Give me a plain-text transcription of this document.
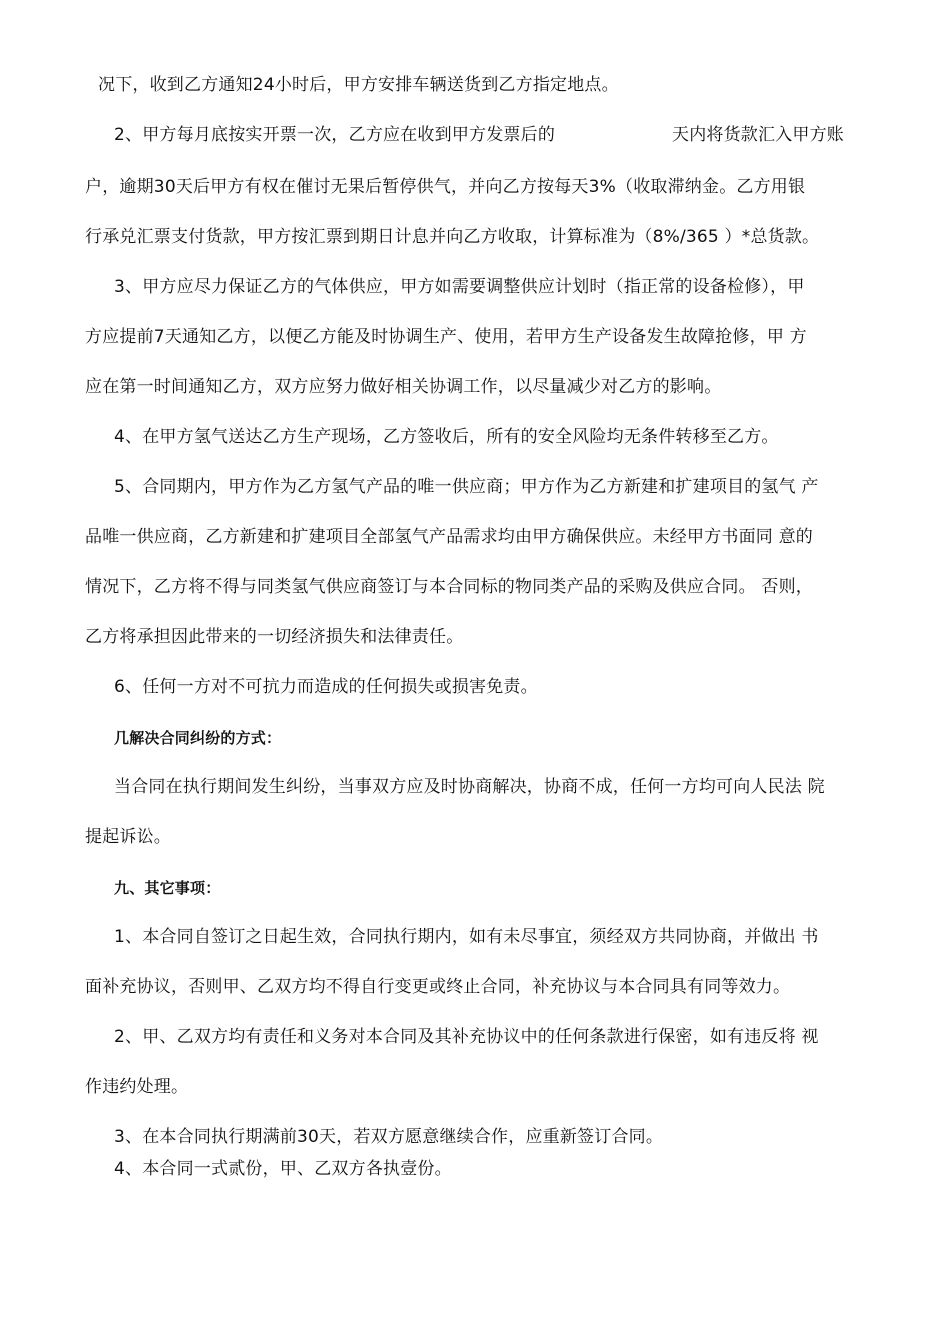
况下，收到乙方通知24小时后，甲方安排车辆送货到乙方指定地点。
2、甲方每月底按实开票一次，乙方应在收到甲方发票后的	天内将货款汇入甲方账
户，逾期30天后甲方有权在催讨无果后暂停供气，并向乙方按每天3%（收取滞纳金。乙方用银
行承兑汇票支付货款，甲方按汇票到期日计息并向乙方收取，计算标准为（8%/365 ）*总货款。
3、甲方应尽力保证乙方的气体供应，甲方如需要调整供应计划时（指正常的设备检修），甲
方应提前7天通知乙方，以便乙方能及时协调生产、使用，若甲方生产设备发生故障抢修，甲 方
应在第一时间通知乙方，双方应努力做好相关协调工作，以尽量减少对乙方的影响。
4、在甲方氢气送达乙方生产现场，乙方签收后，所有的安全风险均无条件转移至乙方。
5、合同期内，甲方作为乙方氢气产品的唯一供应商；甲方作为乙方新建和扩建项目的氢气 产
品唯一供应商，乙方新建和扩建项目全部氢气产品需求均由甲方确保供应。未经甲方书面同 意的
情况下，乙方将不得与同类氢气供应商签订与本合同标的物同类产品的采购及供应合同。 否则，
乙方将承担因此带来的一切经济损失和法律责任。
6、任何一方对不可抗力而造成的任何损失或损害免责。
几解决合同纠纷的方式：
当合同在执行期间发生纠纷，当事双方应及时协商解决，协商不成，任何一方均可向人民法 院
提起诉讼。
九、其它事项：
1、本合同自签订之日起生效，合同执行期内，如有未尽事宜，须经双方共同协商，并做出 书
面补充协议，否则甲、乙双方均不得自行变更或终止合同，补充协议与本合同具有同等效力。
2、甲、乙双方均有责任和义务对本合同及其补充协议中的任何条款进行保密，如有违反将 视
作违约处理。
3、在本合同执行期满前30天，若双方愿意继续合作，应重新签订合同。
4、本合同一式贰份，甲、乙双方各执壹份。
